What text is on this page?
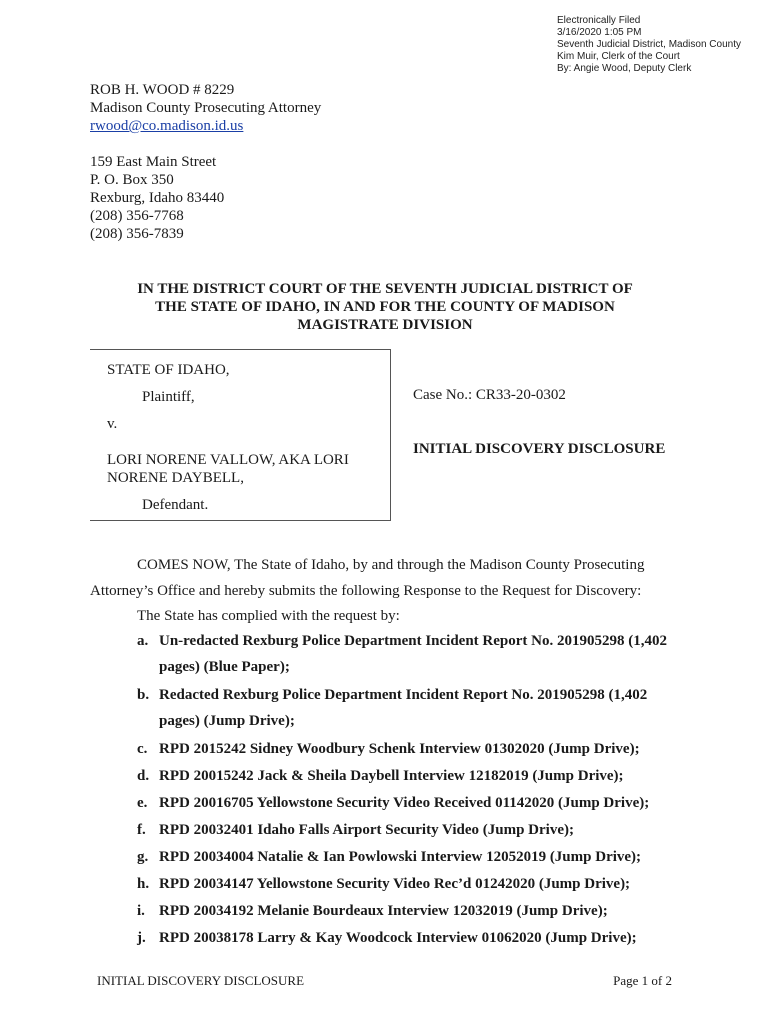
Electronically Filed
3/16/2020 1:05 PM
Seventh Judicial District, Madison County
Kim Muir, Clerk of the Court
By: Angie Wood, Deputy Clerk
ROB H. WOOD # 8229
Madison County Prosecuting Attorney
rwood@co.madison.id.us
159 East Main Street
P. O. Box 350
Rexburg, Idaho 83440
(208) 356-7768
(208) 356-7839
IN THE DISTRICT COURT OF THE SEVENTH JUDICIAL DISTRICT OF
THE STATE OF IDAHO, IN AND FOR THE COUNTY OF MADISON
MAGISTRATE DIVISION
STATE OF IDAHO,
Plaintiff,
v.
LORI NORENE VALLOW, AKA LORI
NORENE DAYBELL,
Defendant.
Case No.: CR33-20-0302
INITIAL DISCOVERY DISCLOSURE
COMES NOW, The State of Idaho, by and through the Madison County Prosecuting
Attorney’s Office and hereby submits the following Response to the Request for Discovery:
The State has complied with the request by:
a. Un-redacted Rexburg Police Department Incident Report No. 201905298 (1,402
pages) (Blue Paper);
b. Redacted Rexburg Police Department Incident Report No. 201905298 (1,402
pages) (Jump Drive);
c. RPD 2015242 Sidney Woodbury Schenk Interview 01302020 (Jump Drive);
d. RPD 20015242 Jack & Sheila Daybell Interview 12182019 (Jump Drive);
e. RPD 20016705 Yellowstone Security Video Received 01142020 (Jump Drive);
f. RPD 20032401 Idaho Falls Airport Security Video (Jump Drive);
g. RPD 20034004 Natalie & Ian Powlowski Interview 12052019 (Jump Drive);
h. RPD 20034147 Yellowstone Security Video Rec’d 01242020 (Jump Drive);
i. RPD 20034192 Melanie Bourdeaux Interview 12032019 (Jump Drive);
j. RPD 20038178 Larry & Kay Woodcock Interview 01062020 (Jump Drive);
INITIAL DISCOVERY DISCLOSURE	Page 1 of 2
